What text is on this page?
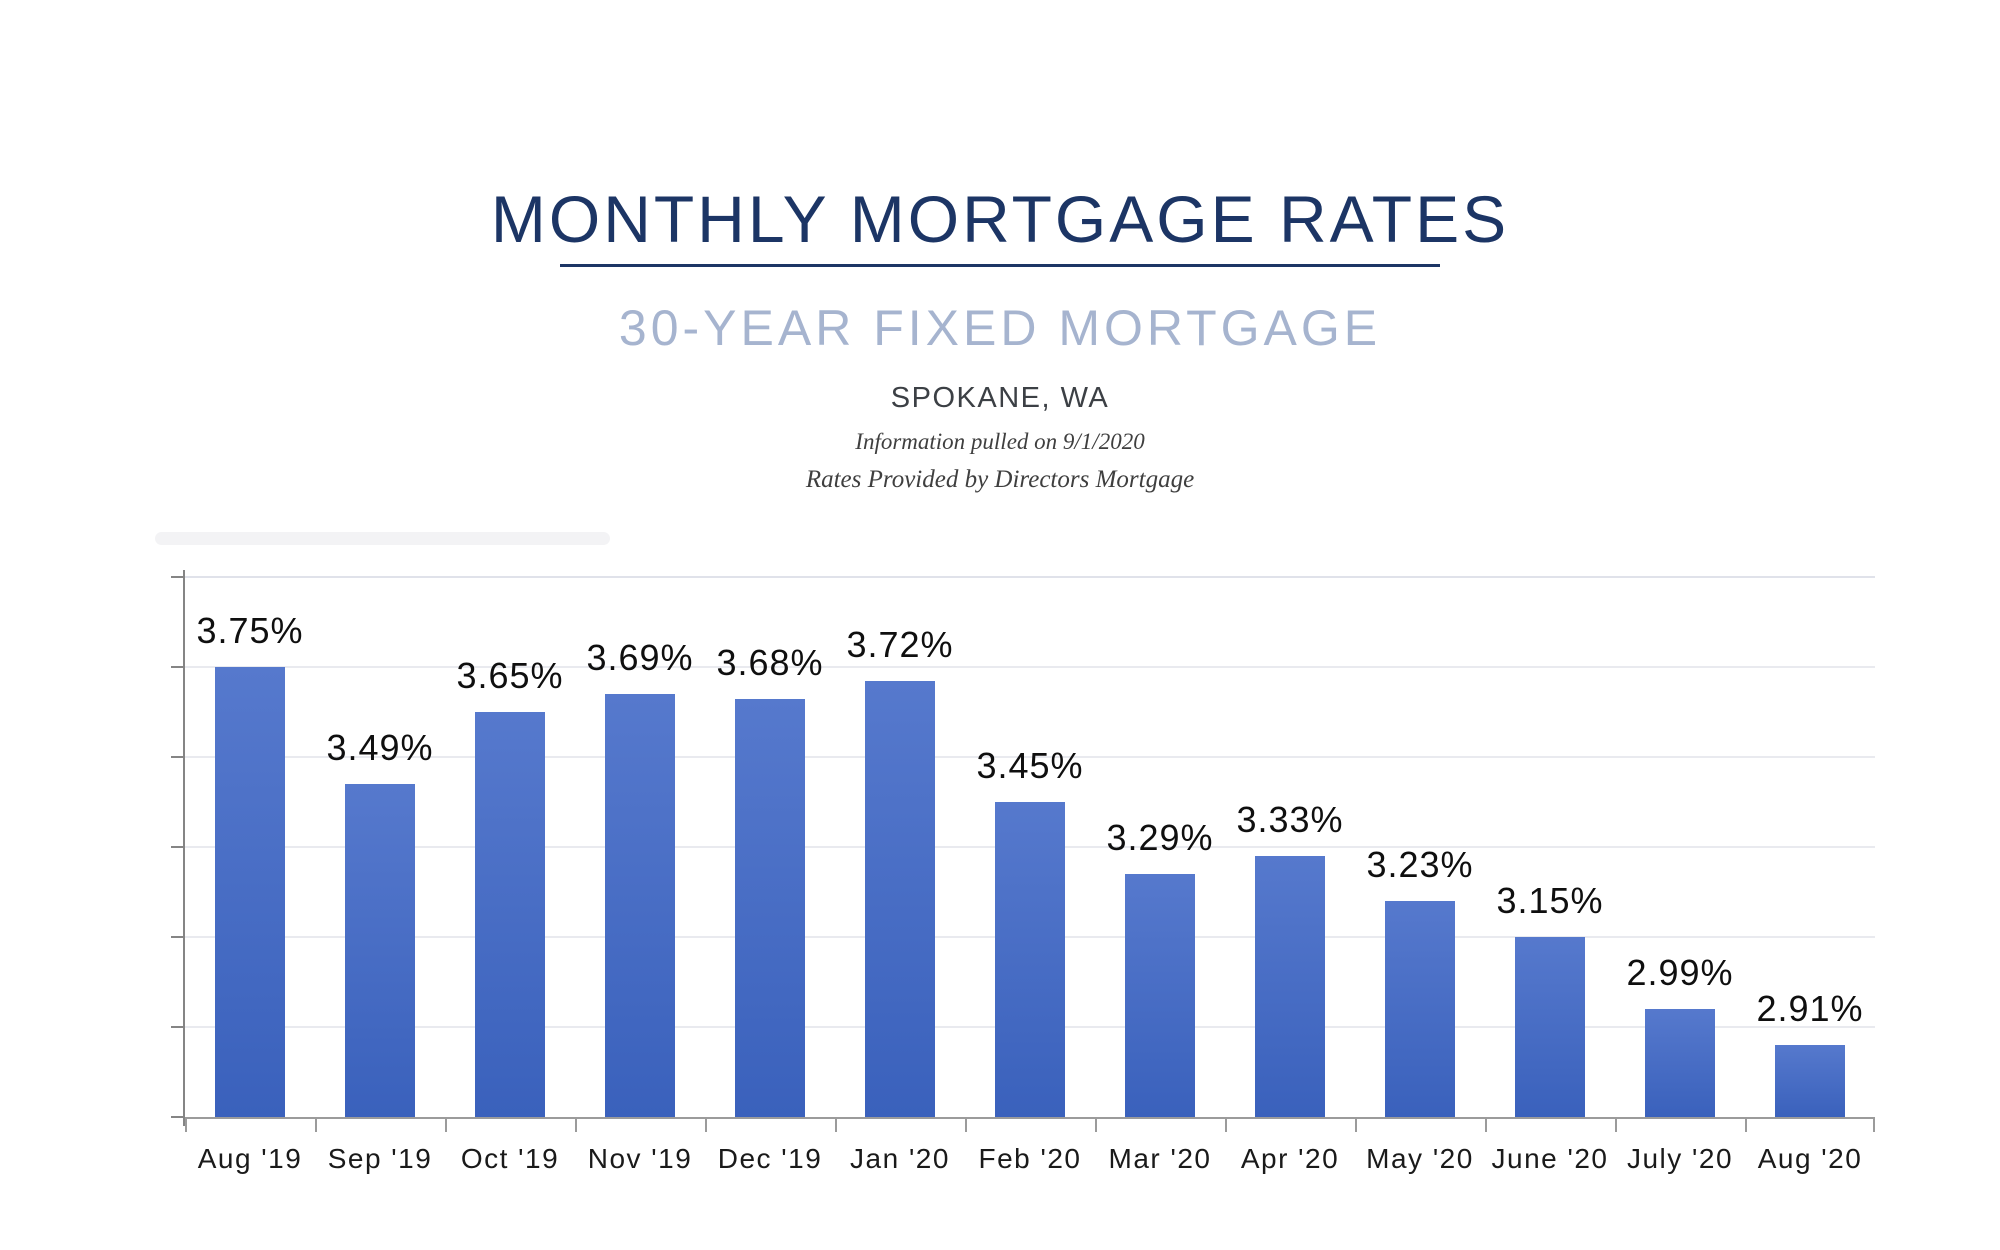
MONTHLY MORTGAGE RATES
30-YEAR FIXED MORTGAGE
SPOKANE, WA
Information pulled on 9/1/2020
Rates Provided by Directors Mortgage
3.75%
Aug '19
3.49%
Sep '19
3.65%
Oct '19
3.69%
Nov '19
3.68%
Dec '19
3.72%
Jan '20
3.45%
Feb '20
3.29%
Mar '20
3.33%
Apr '20
3.23%
May '20
3.15%
June '20
2.99%
July '20
2.91%
Aug '20
